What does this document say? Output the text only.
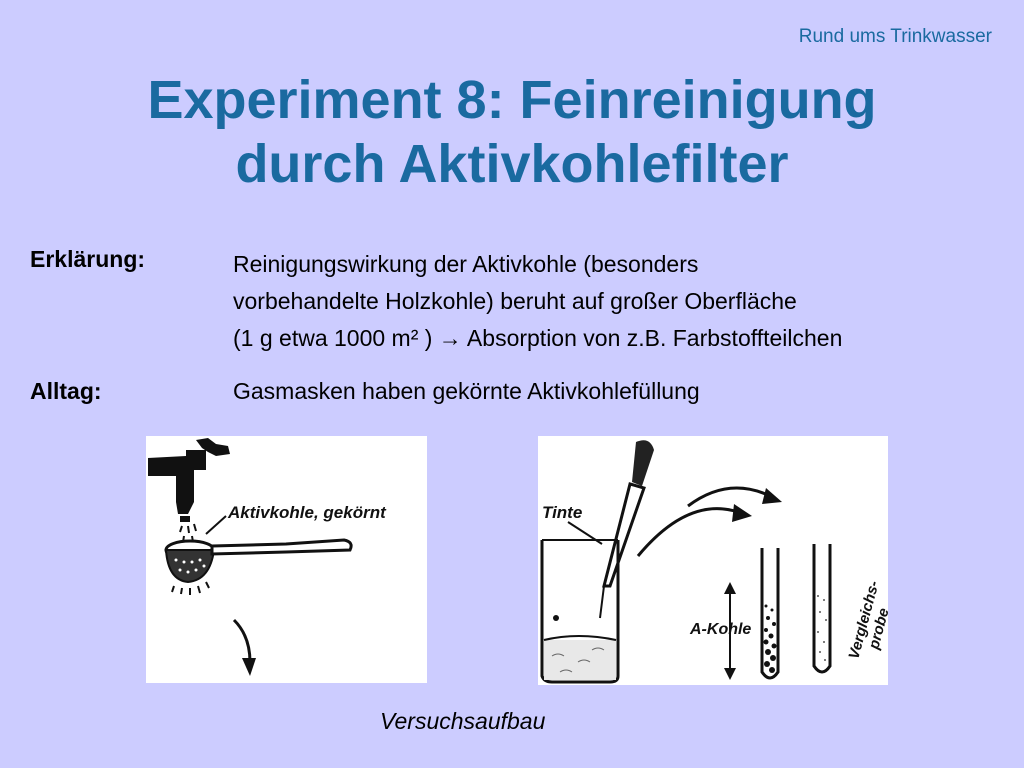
Rund ums Trinkwasser
Experiment 8: Feinreinigung
durch Aktivkohlefilter
Erklärung:	Reinigungswirkung der Aktivkohle (besonders
vorbehandelte Holzkohle) beruht auf großer Oberfläche
(1 g etwa 1000 m² ) → Absorption von z.B. Farbstoffteilchen
Alltag:	Gasmasken haben gekörnte Aktivkohlefüllung
Aktivkohle, gekörnt	Tinte
A-Kohle	Vergleichs-
probe
Versuchsaufbau
